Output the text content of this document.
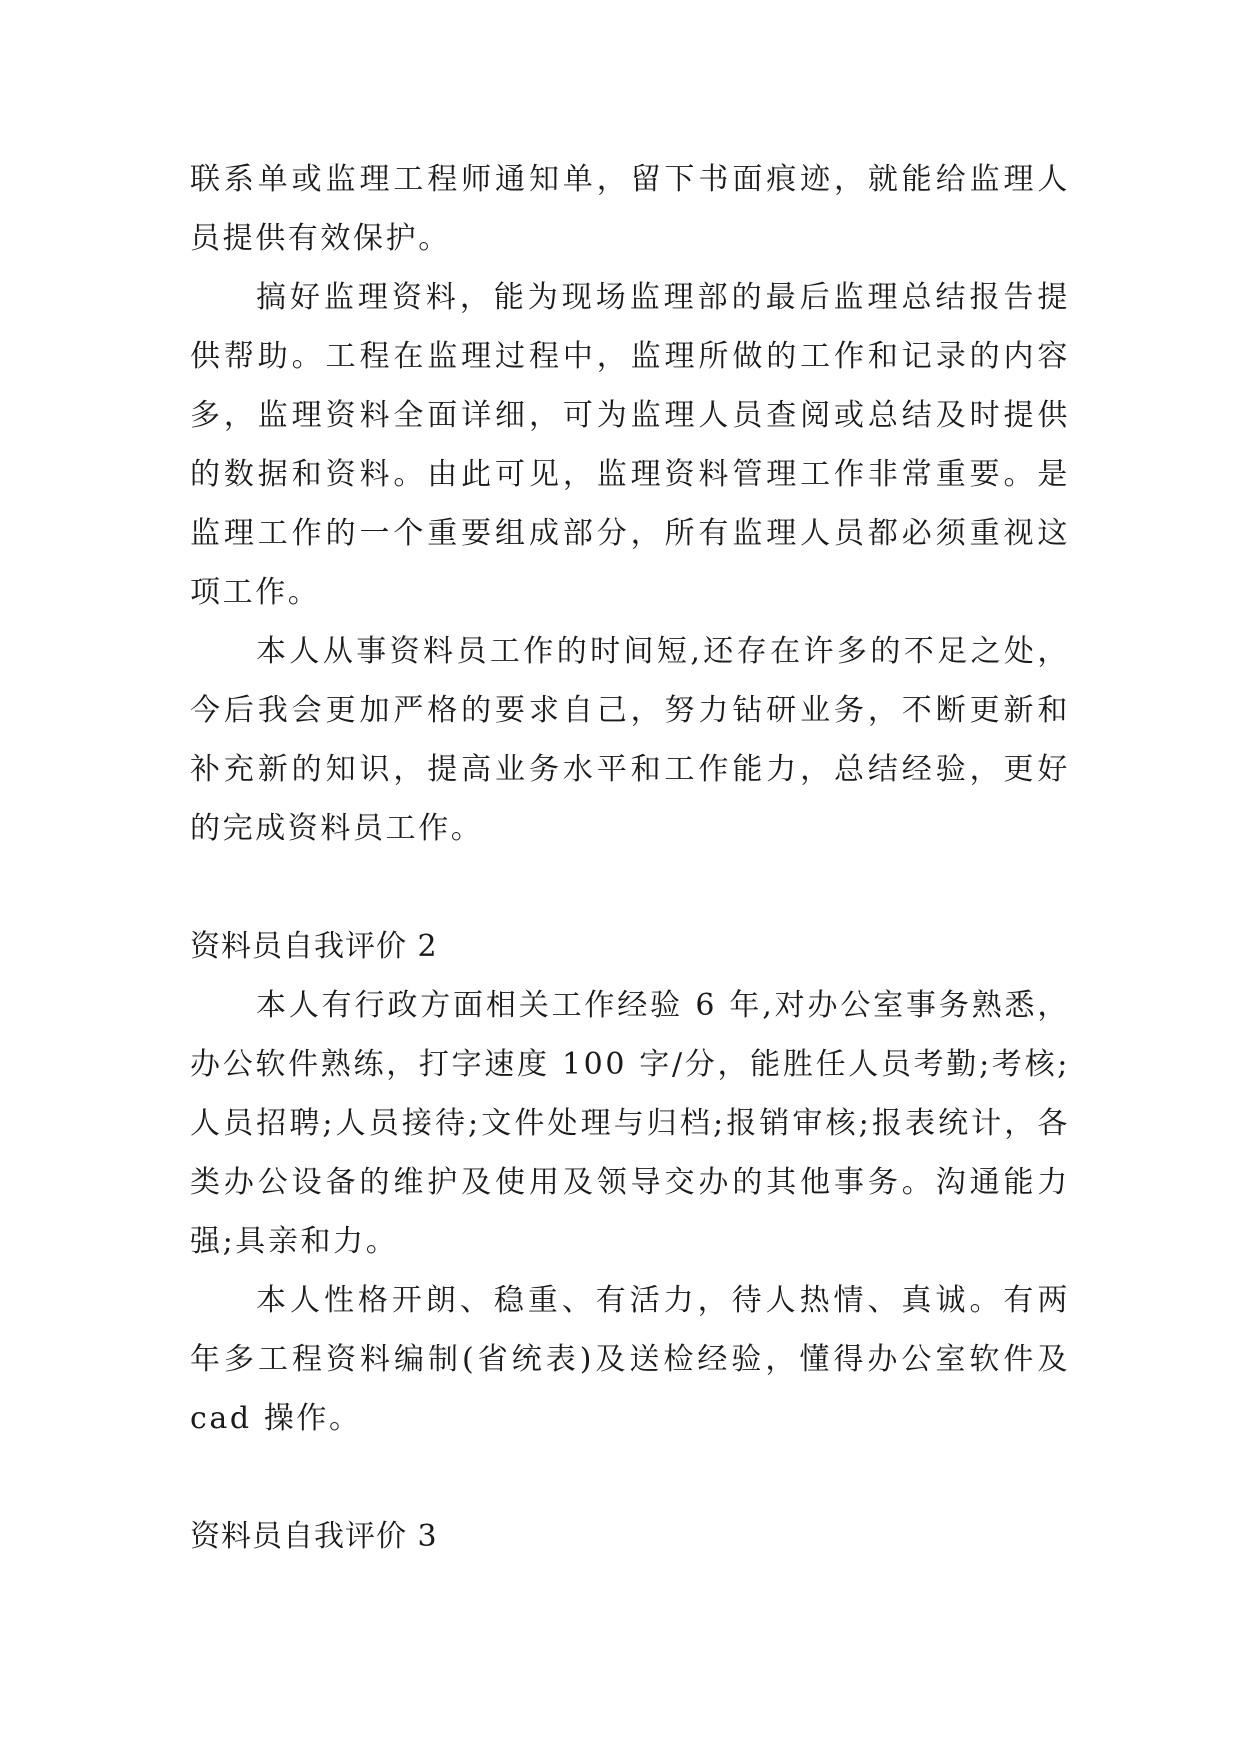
联系单或监理工程师通知单，留下书面痕迹，就能给监理人员提供有效保护。

搞好监理资料，能为现场监理部的最后监理总结报告提供帮助。工程在监理过程中，监理所做的工作和记录的内容多，监理资料全面详细，可为监理人员查阅或总结及时提供的数据和资料。由此可见，监理资料管理工作非常重要。是监理工作的一个重要组成部分，所有监理人员都必须重视这项工作。

本人从事资料员工作的时间短,还存在许多的不足之处，今后我会更加严格的要求自己，努力钻研业务，不断更新和补充新的知识，提高业务水平和工作能力，总结经验，更好的完成资料员工作。

资料员自我评价 2

本人有行政方面相关工作经验 6 年,对办公室事务熟悉，办公软件熟练，打字速度 100 字/分，能胜任人员考勤;考核;人员招聘;人员接待;文件处理与归档;报销审核;报表统计，各类办公设备的维护及使用及领导交办的其他事务。沟通能力强;具亲和力。

本人性格开朗、稳重、有活力，待人热情、真诚。有两年多工程资料编制(省统表)及送检经验，懂得办公室软件及 cad 操作。

资料员自我评价 3
